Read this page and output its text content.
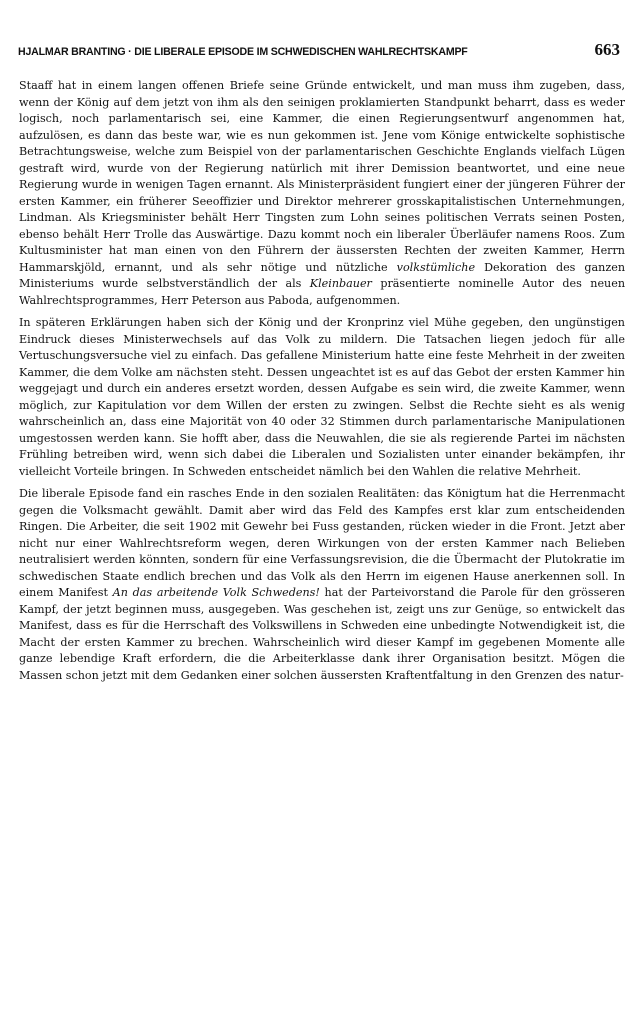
HJALMAR BRANTING · DIE LIBERALE EPISODE IM SCHWEDISCHEN WAHLRECHTSKAMPF	663

Staaff hat in einem langen offenen Briefe seine Gründe entwickelt, und man muss ihm zugeben, dass, wenn der König auf dem jetzt von ihm als den seinigen proklamierten Standpunkt beharrt, dass es weder logisch, noch parlamentarisch sei, eine Kammer, die einen Regierungsentwurf angenommen hat, aufzulösen, es dann das beste war, wie es nun gekommen ist. Jene vom Könige entwickelte sophistische Betrachtungsweise, welche zum Beispiel von der parlamentarischen Geschichte Englands vielfach Lügen gestraft wird, wurde von der Regierung natürlich mit ihrer Demission beantwortet, und eine neue Regierung wurde in wenigen Tagen ernannt. Als Ministerpräsident fungiert einer der jüngeren Führer der ersten Kammer, ein früherer Seeoffizier und Direktor mehrerer grosskapitalistischen Unternehmungen, Lindman. Als Kriegsminister behält Herr Tingsten zum Lohn seines politischen Verrats seinen Posten, ebenso behält Herr Trolle das Auswärtige. Dazu kommt noch ein liberaler Überläufer namens Roos. Zum Kultusminister hat man einen von den Führern der äussersten Rechten der zweiten Kammer, Herrn Hammarskjöld, ernannt, und als sehr nötige und nützliche volkstümliche Dekoration des ganzen Ministeriums wurde selbstverständlich der als Kleinbauer präsentierte nominelle Autor des neuen Wahlrechtsprogrammes, Herr Peterson aus Paboda, aufgenommen.

In späteren Erklärungen haben sich der König und der Kronprinz viel Mühe gegeben, den ungünstigen Eindruck dieses Ministerwechsels auf das Volk zu mildern. Die Tatsachen liegen jedoch für alle Vertuschungsversuche viel zu einfach. Das gefallene Ministerium hatte eine feste Mehrheit in der zweiten Kammer, die dem Volke am nächsten steht. Dessen ungeachtet ist es auf das Gebot der ersten Kammer hin weggejagt und durch ein anderes ersetzt worden, dessen Aufgabe es sein wird, die zweite Kammer, wenn möglich, zur Kapitulation vor dem Willen der ersten zu zwingen. Selbst die Rechte sieht es als wenig wahrscheinlich an, dass eine Majorität von 40 oder 32 Stimmen durch parlamentarische Manipulationen umgestossen werden kann. Sie hofft aber, dass die Neuwahlen, die sie als regierende Partei im nächsten Frühling betreiben wird, wenn sich dabei die Liberalen und Sozialisten unter einander bekämpfen, ihr vielleicht Vorteile bringen. In Schweden entscheidet nämlich bei den Wahlen die relative Mehrheit.

Die liberale Episode fand ein rasches Ende in den sozialen Realitäten: das Königtum hat die Herrenmacht gegen die Volksmacht gewählt. Damit aber wird das Feld des Kampfes erst klar zum entscheidenden Ringen. Die Arbeiter, die seit 1902 mit Gewehr bei Fuss gestanden, rücken wieder in die Front. Jetzt aber nicht nur einer Wahlrechtsreform wegen, deren Wirkungen von der ersten Kammer nach Belieben neutralisiert werden könnten, sondern für eine Verfassungsrevision, die die Übermacht der Plutokratie im schwedischen Staate endlich brechen und das Volk als den Herrn im eigenen Hause anerkennen soll. In einem Manifest An das arbeitende Volk Schwedens! hat der Parteivorstand die Parole für den grösseren Kampf, der jetzt beginnen muss, ausgegeben. Was geschehen ist, zeigt uns zur Genüge, so entwickelt das Manifest, dass es für die Herrschaft des Volkswillens in Schweden eine unbedingte Notwendigkeit ist, die Macht der ersten Kammer zu brechen. Wahrscheinlich wird dieser Kampf im gegebenen Momente alle ganze lebendige Kraft erfordern, die die Arbeiterklasse dank ihrer Organisation besitzt. Mögen die Massen schon jetzt mit dem Gedanken einer solchen äussersten Kraftentfaltung in den Grenzen des natur-
